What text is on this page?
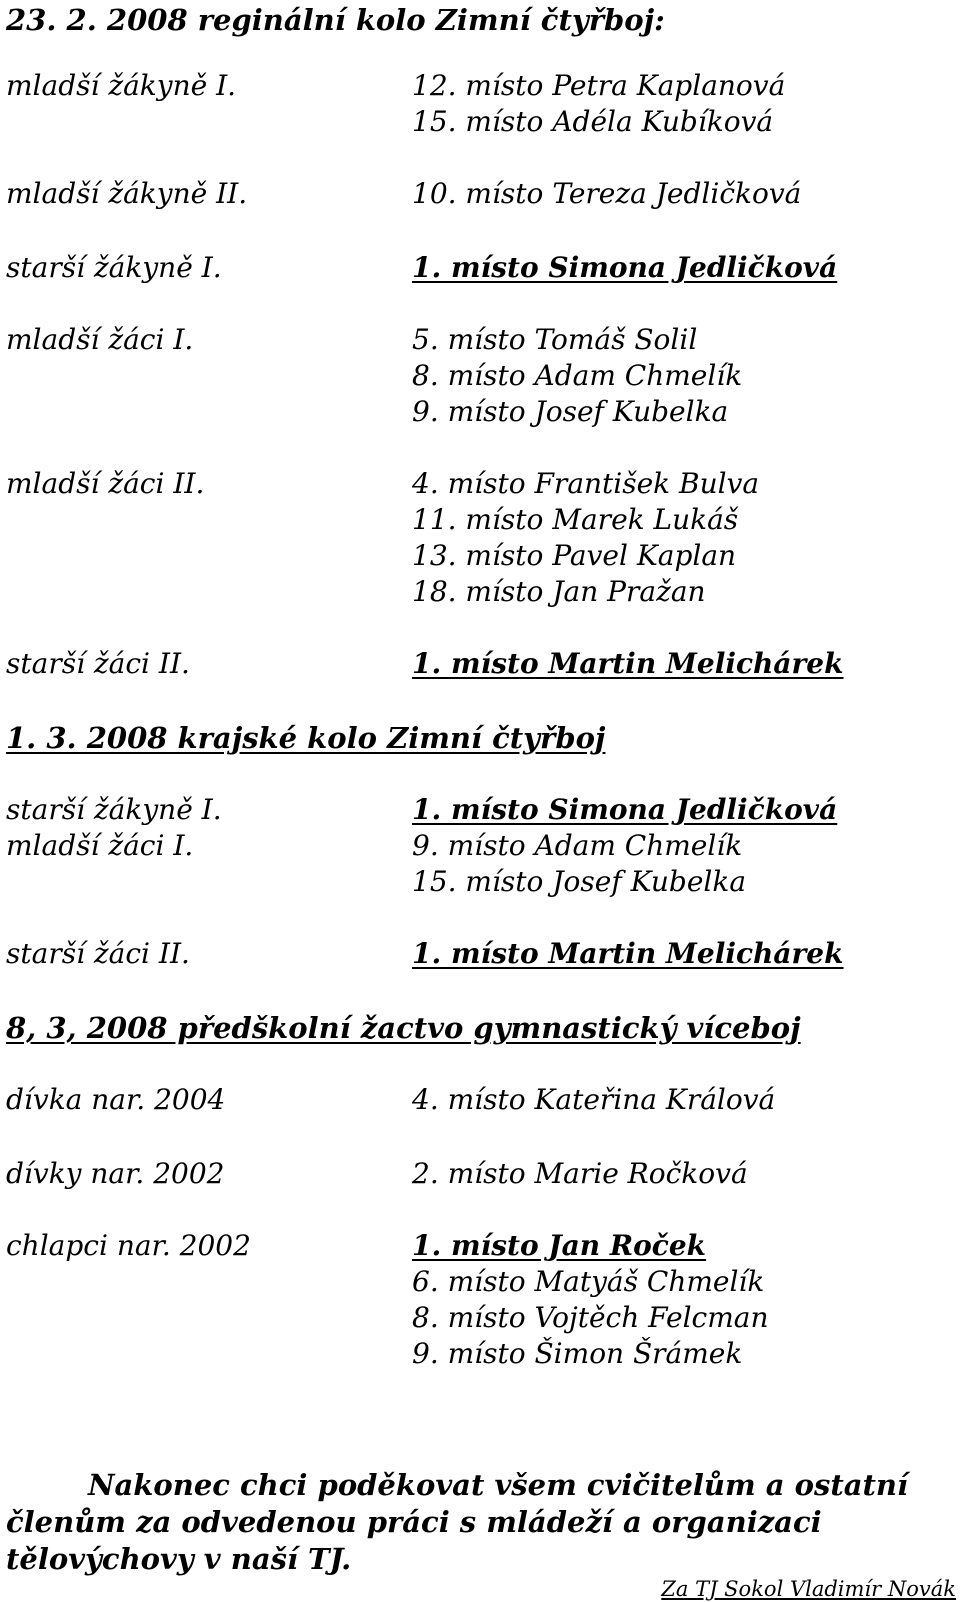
23. 2. 2008 reginální kolo Zimní čtyřboj:
mladší žákyně I.	12. místo Petra Kaplanová
15. místo Adéla Kubíková
mladší žákyně II.	10. místo Tereza Jedličková
starší žákyně I.	1. místo Simona Jedličková
mladší žáci I.	5. místo Tomáš Solil
8. místo Adam Chmelík
9. místo Josef Kubelka
mladší žáci II.	4. místo František Bulva
11. místo Marek Lukáš
13. místo Pavel Kaplan
18. místo Jan Pražan
starší žáci II.	1. místo Martin Melichárek
1. 3. 2008 krajské kolo Zimní čtyřboj
starší žákyně I.	1. místo Simona Jedličková
mladší žáci I.	9. místo Adam Chmelík
15. místo Josef Kubelka
starší žáci II.	1. místo Martin Melichárek
8, 3, 2008 předškolní žactvo gymnastický víceboj
dívka nar. 2004	4. místo Kateřina Králová
dívky nar. 2002	2. místo Marie Ročková
chlapci nar. 2002	1. místo Jan Roček
6. místo Matyáš Chmelík
8. místo Vojtěch Felcman
9. místo Šimon Šrámek
Nakonec chci poděkovat všem cvičitelům a ostatní
členům za odvedenou práci s mládeží a organizaci
tělovýchovy v naší TJ.
Za TJ Sokol Vladimír Novák
